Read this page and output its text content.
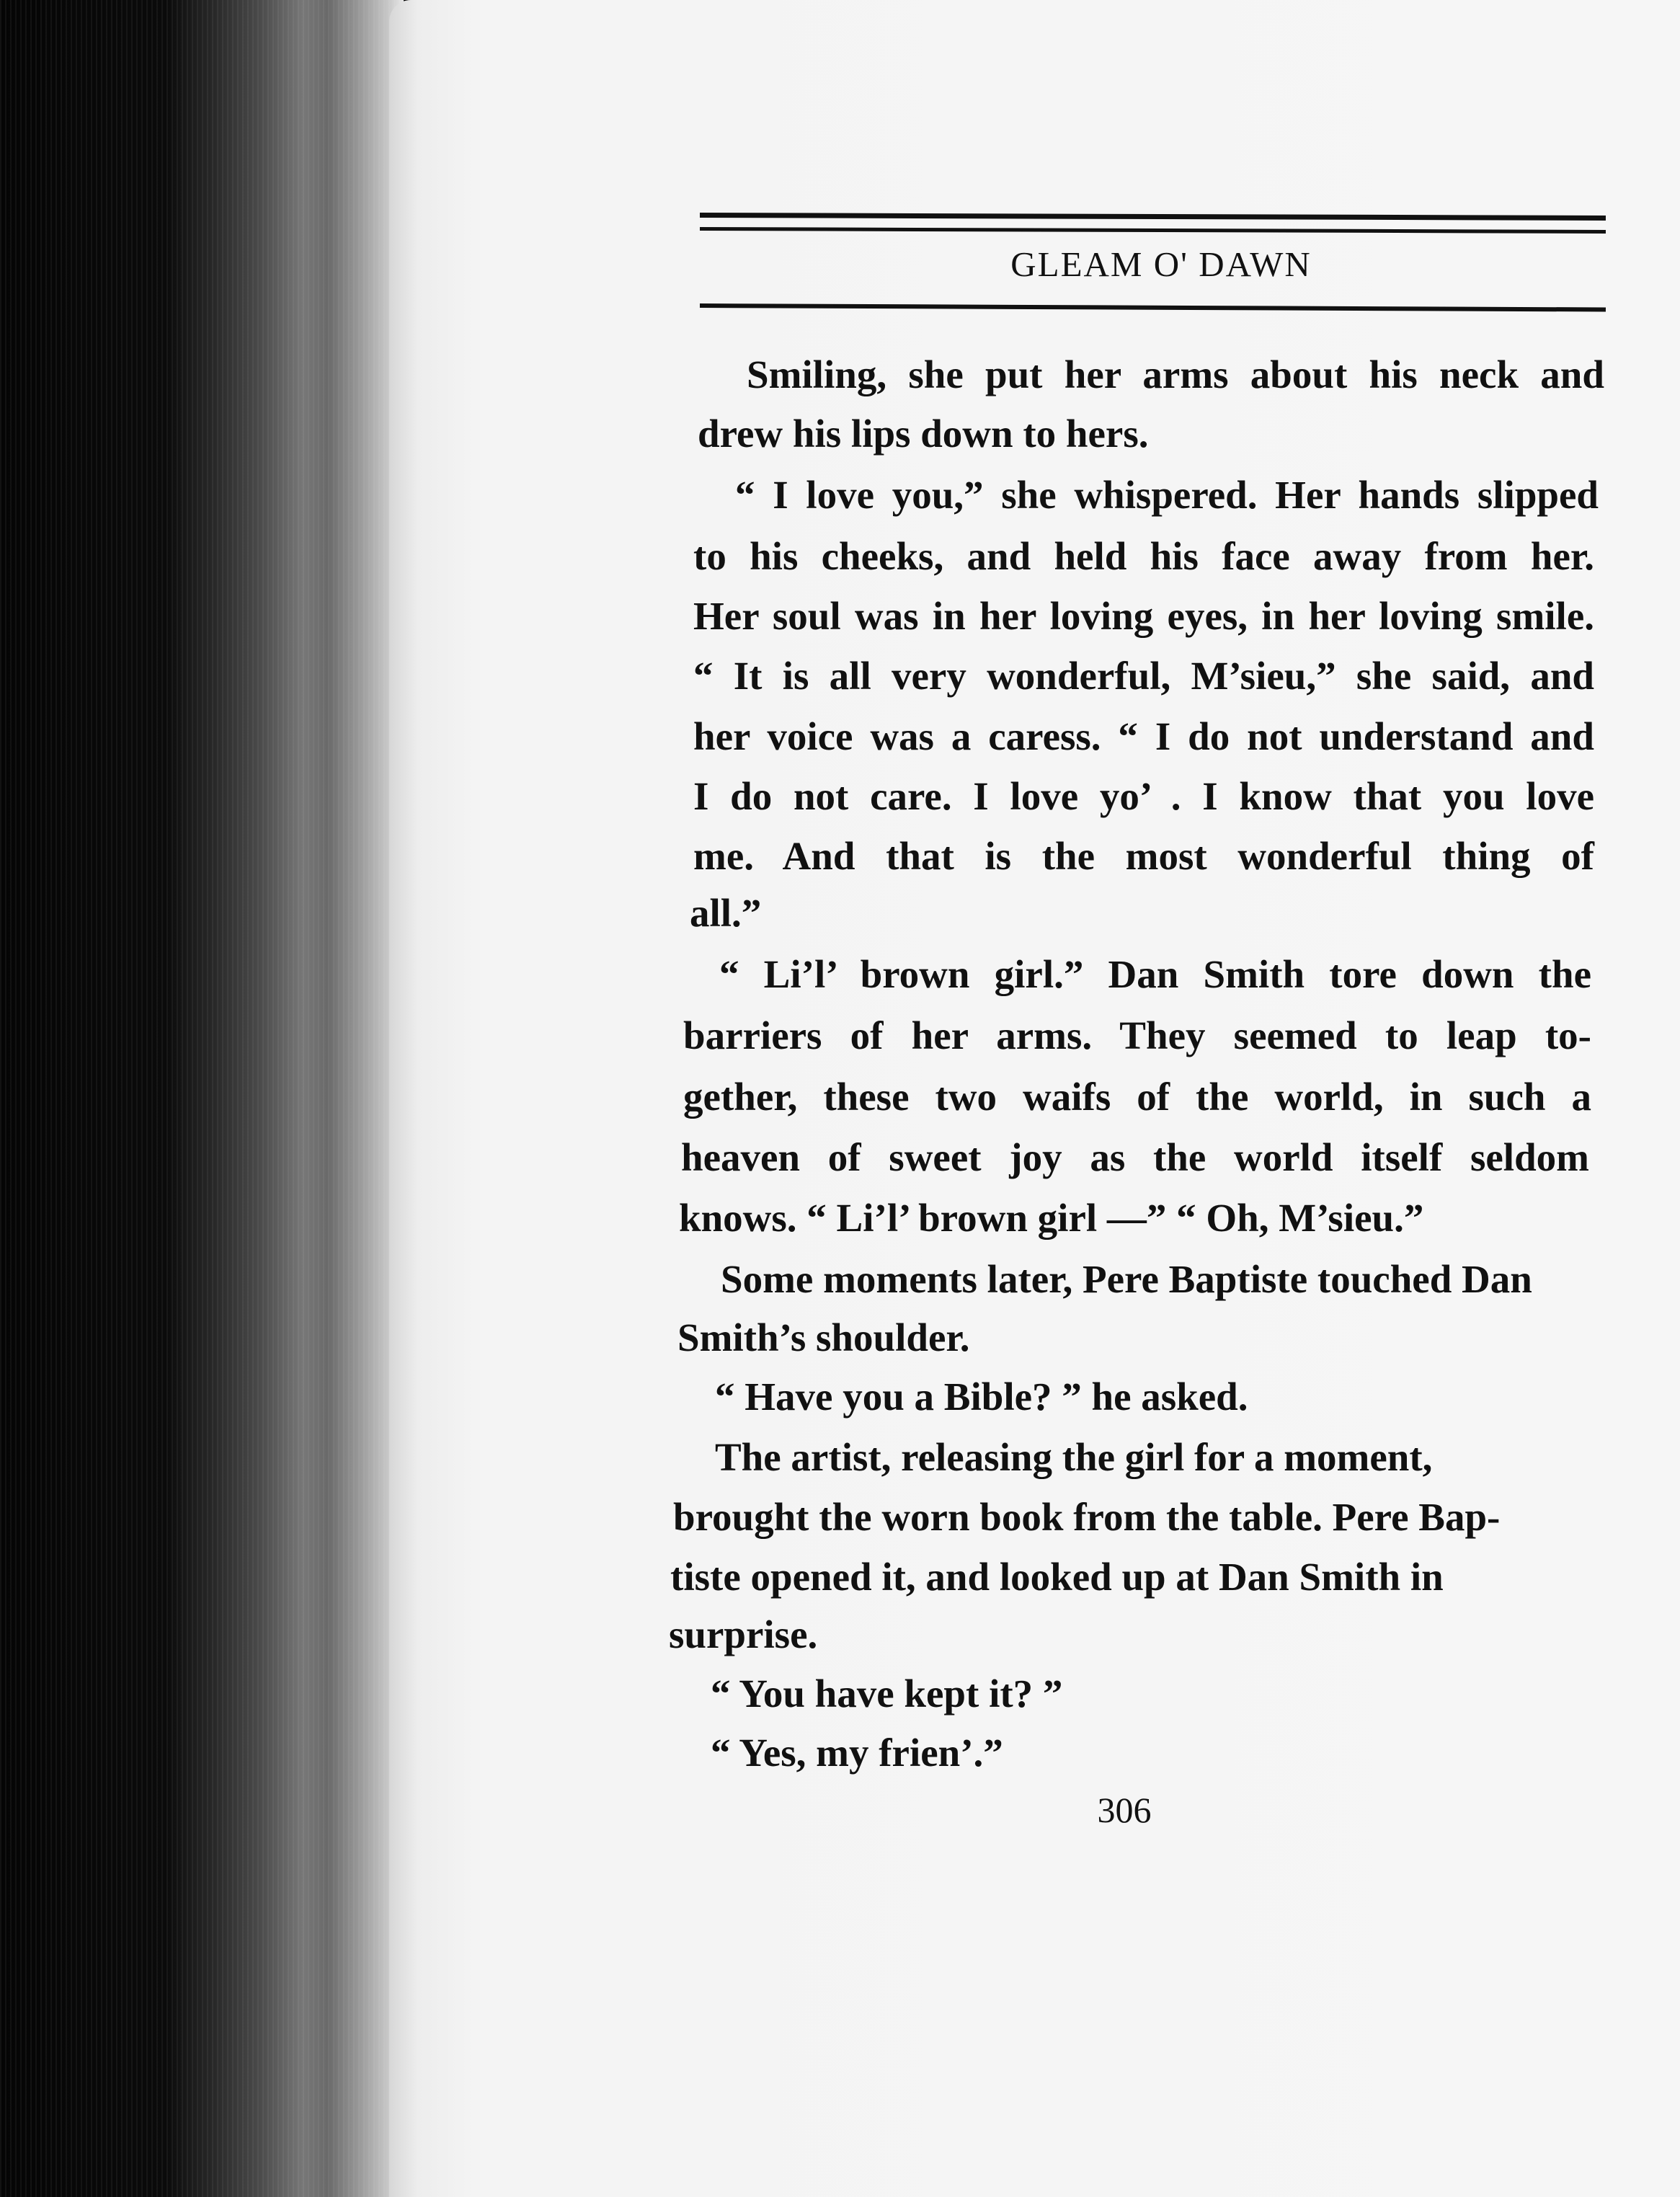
GLEAM O' DAWN
Smiling, she put her arms about his neck and
drew his lips down to hers.
“ I love you,” she whispered. Her hands slipped
to his cheeks, and held his face away from her.
Her soul was in her loving eyes, in her loving smile.
“ It is all very wonderful, M’sieu,” she said, and
her voice was a caress. “ I do not understand and
I do not care. I love yo’ . I know that you love
me. And that is the most wonderful thing of
all.”
“ Li’l’ brown girl.” Dan Smith tore down the
barriers of her arms. They seemed to leap to-
gether, these two waifs of the world, in such a
heaven of sweet joy as the world itself seldom
knows. “ Li’l’ brown girl —” “ Oh, M’sieu.”
Some moments later, Pere Baptiste touched Dan
Smith’s shoulder.
“ Have you a Bible? ” he asked.
The artist, releasing the girl for a moment,
brought the worn book from the table. Pere Bap-
tiste opened it, and looked up at Dan Smith in
surprise.
“ You have kept it? ”
“ Yes, my frien’.”
306
